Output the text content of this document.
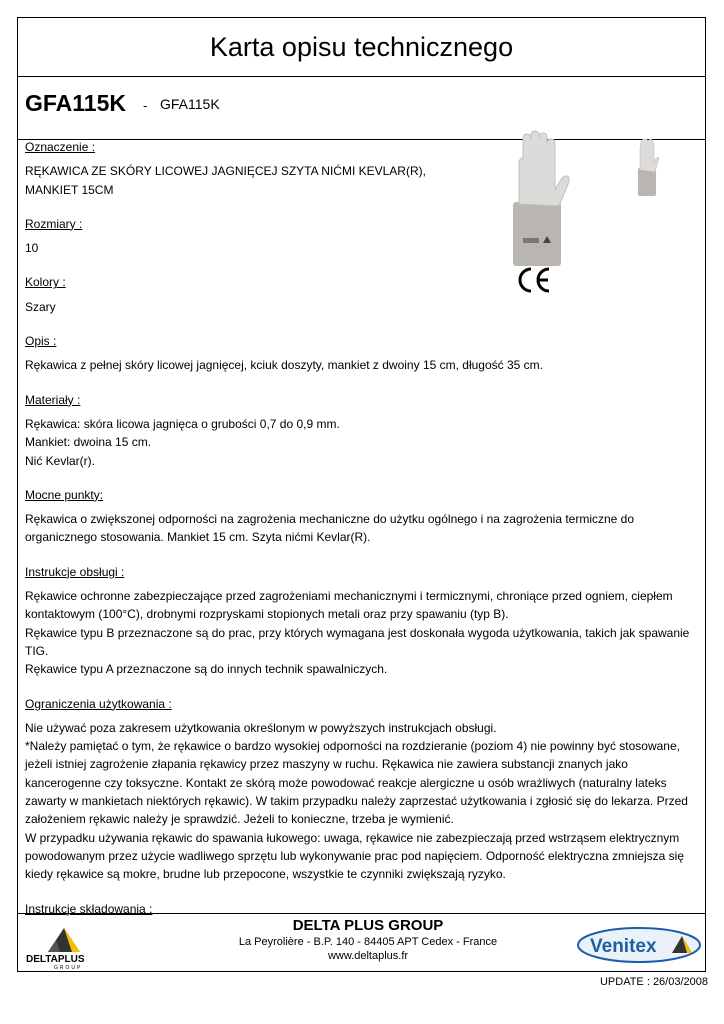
Karta opisu technicznego
GFA115K - GFA115K
Oznaczenie :
RĘKAWICA ZE SKÓRY LICOWEJ JAGNIĘCEJ SZYTA NIĆMI KEVLAR(R),
MANKIET 15CM
Rozmiary :
10
Kolory :
Szary
Opis :
Rękawica z pełnej skóry licowej jagnięcej, kciuk doszyty, mankiet z dwoiny 15 cm, długość 35 cm.
Materiały :
Rękawica: skóra licowa jagnięca o grubości 0,7 do 0,9 mm.
Mankiet: dwoina 15 cm.
Nić Kevlar(r).
Mocne punkty:
Rękawica o zwiększonej odporności na zagrożenia mechaniczne do użytku ogólnego i na zagrożenia termiczne do
organicznego stosowania. Mankiet 15 cm. Szyta nićmi Kevlar(R).
Instrukcje obsługi :
Rękawice ochronne zabezpieczające przed zagrożeniami mechanicznymi i termicznymi, chroniące przed ogniem, ciepłem
kontaktowym (100°C), drobnymi rozpryskami stopionych metali oraz przy spawaniu (typ B).
Rękawice typu B przeznaczone są do prac, przy których wymagana jest doskonała wygoda użytkowania, takich jak spawanie
TIG.
Rękawice typu A przeznaczone są do innych technik spawalniczych.
Ograniczenia użytkowania :
Nie używać poza zakresem użytkowania określonym w powyższych instrukcjach obsługi.
*Należy pamiętać o tym, że rękawice o bardzo wysokiej odporności na rozdzieranie (poziom 4) nie powinny być stosowane,
jeżeli istniej zagrożenie złapania rękawicy przez maszyny w ruchu. Rękawica nie zawiera substancji znanych jako
kancerogenne czy toksyczne. Kontakt ze skórą może powodować reakcje alergiczne u osób wrażliwych (naturalny lateks
zawarty w mankietach niektórych rękawic). W takim przypadku należy zaprzestać użytkowania i zgłosić się do lekarza. Przed
założeniem rękawic należy je sprawdzić. Jeżeli to konieczne, trzeba je wymienić.
W przypadku używania rękawic do spawania łukowego: uwaga, rękawice nie zabezpieczają przed wstrząsem elektrycznym
powodowanym przez użycie wadliwego sprzętu lub wykonywanie prac pod napięciem. Odporność elektryczna zmniejsza się
kiedy rękawice są mokre, brudne lub przepocone, wszystkie te czynniki zwiększają ryzyko.
Instrukcje składowania :
DELTAPLUS
GROUP
DELTA PLUS GROUP
La Peyrolière - B.P. 140 - 84405 APT Cedex - France
www.deltaplus.fr	Venitex
UPDATE : 26/03/2008
